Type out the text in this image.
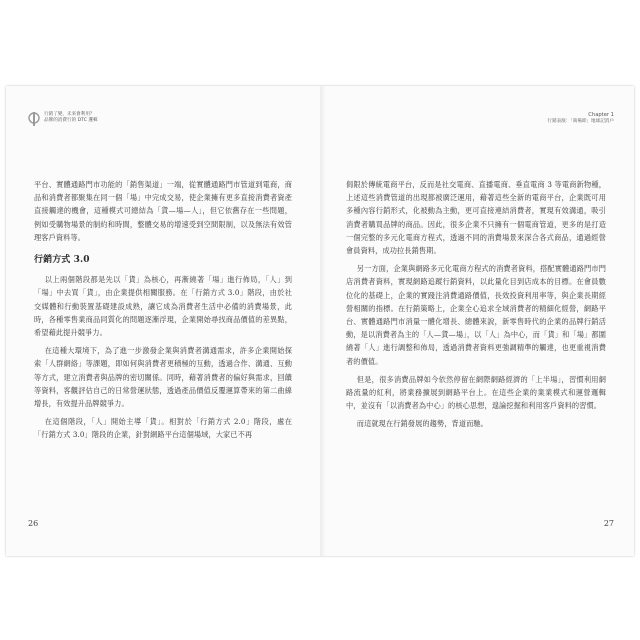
行銷了變，未來會利用？
品牌的消費行的 DTC 邏輯

平台、實體通路門市功能的「銷售渠道」一端，從實體通路門市管道到電商，商品和消費者都聚集在同一個「場」中完成交易，使企業擁有更多直接消費者資產直接觸達的機會，這種模式可總結為「貨—場—人」，但它依舊存在一些問題，例如受購物場景的制約和時間，整體交易的增速受到空間限制，以及無法有效管理客戶資料等。

行銷方式 3.0

以上兩個階段都是先以「貨」為核心，再漸繞著「場」進行佈局，「人」到「場」中去買「貨」，由企業提供相關服務。在「行銷方式 3.0」階段，由於社交媒體和行動裝置基礎建設成熟，讓它成為消費者生活中必備的消費場景，此時，各種零售業商品同質化的問題逐漸浮現，企業開始尋找商品價值的差異點，希望藉此提升競爭力。

在這種大環境下，為了進一步激發企業與消費者溝通需求，許多企業開始探索「人群網絡」等課題，即如何與消費者更積極的互動，透過合作、溝通、互動等方式，建立消費者與品牌的密切關係。同時，藉著消費者的偏好與需求，回饋等資料，客觀評估自己的日常營運狀態，透過產品價值反覆運算帶來的第二曲線增長，有效提升品牌競爭力。

在這個階段，「人」開始主導「貨」。相對於「行銷方式 2.0」階段，處在「行銷方式 3.0」階段的企業，針對網路平台這個場域，大家已不再

26
Chapter 1
行銷表演：「商場即」地球記消戶

侷限於傳統電商平台，反而是社交電商、直播電商、垂直電商 3 等電商新物種，上述這些消費管道的出現都被廣泛運用，藉著這些全新的電商平台，企業既可用多種內容行銷形式，化被動為主動，更可直接連結消費者，實現有效溝通，吸引消費者購買品牌的商品。因此，很多企業不只擁有一個電商管道，更多的是打造一個完整的多元化電商方程式，透過不同的消費場景來深合各式商品，通過經營會員資料，成功拉長銷售期。

另一方面，企業與網路多元化電商方程式的消費者資料，搭配實體通路門市門店消費者資料，實現網路追蹤行銷資料，以此量化目到店成本的目標。在會員數位化的基礎上，企業的實踐注消費通路價值，長效投資利用率等，與企業長期經營相關的指標。在行銷策略上，企業全心追求全域消費者的精細化經營，網路平台、實體通路門市消量一體化增長、總體來說，新零售時代的企業的品牌行銷活動，是以消費者為主的「人—貨—場」，以「人」為中心，而「貨」和「場」都圍繞著「人」進行調整和佈局，透過消費者資料更強調精準的觸達，也更重視消費者的價值。

但是，很多消費品牌如今依然停留在網際網路經濟的「上半場」，習慣利用網路流量的紅利，將業務擴展到網路平台上。在這些企業的業業模式和運營邏輯中，並沒有「以消費者為中心」的核心思想，遑論挖掘和利用客戶資料的習慣。

而這就現在行銷發展的趨勢，背道而馳。

27
